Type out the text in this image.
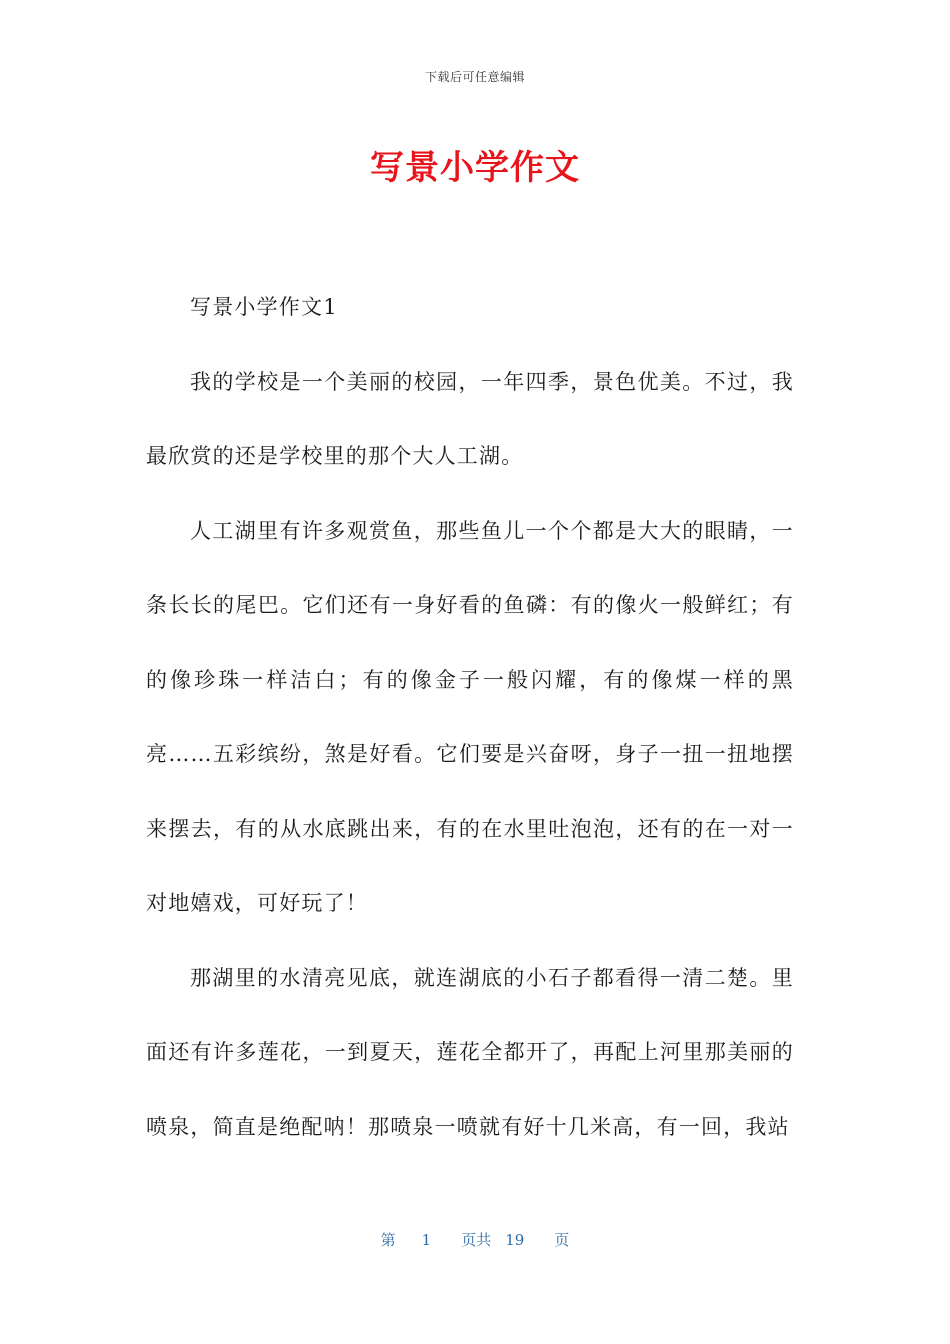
下载后可任意编辑
写景小学作文

写景小学作文1

我的学校是一个美丽的校园，一年四季，景色优美。不过，我最欣赏的还是学校里的那个大人工湖。

人工湖里有许多观赏鱼，那些鱼儿一个个都是大大的眼睛，一条长长的尾巴。它们还有一身好看的鱼磷：有的像火一般鲜红；有的像珍珠一样洁白；有的像金子一般闪耀，有的像煤一样的黑亮……五彩缤纷，煞是好看。它们要是兴奋呀，身子一扭一扭地摆来摆去，有的从水底跳出来，有的在水里吐泡泡，还有的在一对一对地嬉戏，可好玩了！

那湖里的水清亮见底，就连湖底的小石子都看得一清二楚。里面还有许多莲花，一到夏天，莲花全都开了，再配上河里那美丽的喷泉，简直是绝配呐！那喷泉一喷就有好十几米高，有一回，我站

第 1 页共 19 页
